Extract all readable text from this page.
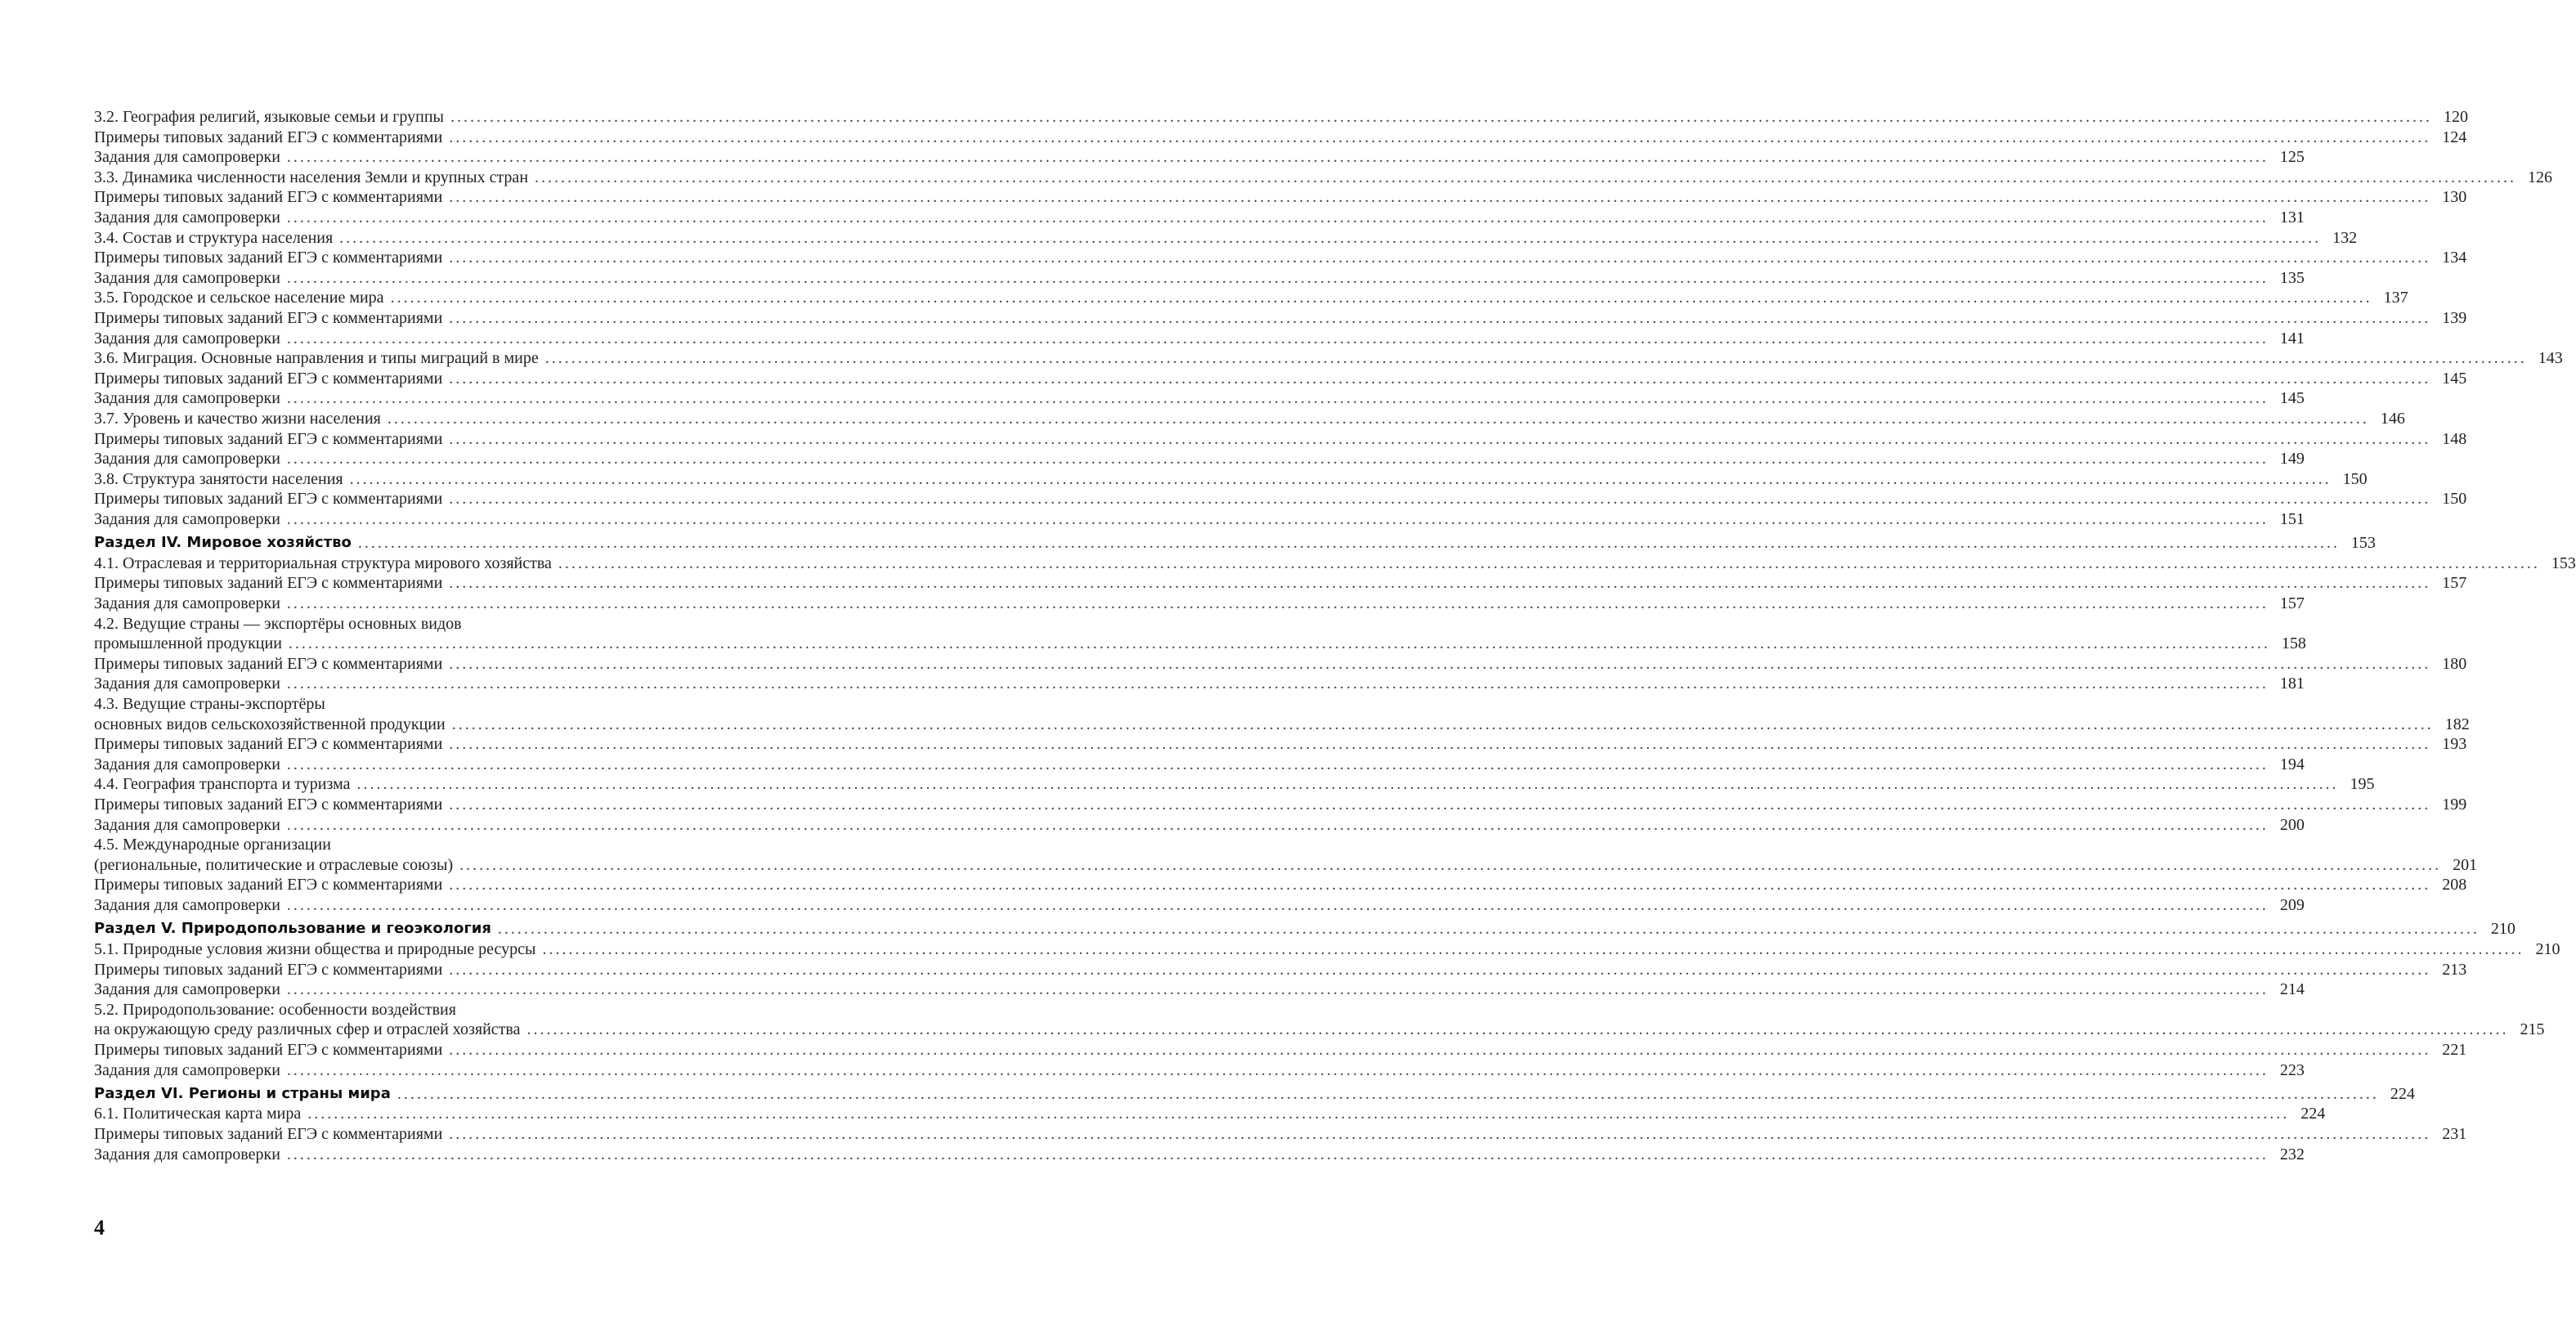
3.2. География религий, языковые семьи и группы .....	120
Примеры типовых заданий ЕГЭ с комментариями .....	124
Задания для самопроверки .....	125
3.3. Динамика численности населения Земли и крупных стран .....	126
Примеры типовых заданий ЕГЭ с комментариями .....	130
Задания для самопроверки .....	131
3.4. Состав и структура населения .....	132
Примеры типовых заданий ЕГЭ с комментариями .....	134
Задания для самопроверки .....	135
3.5. Городское и сельское население мира .....	137
Примеры типовых заданий ЕГЭ с комментариями .....	139
Задания для самопроверки .....	141
3.6. Миграция. Основные направления и типы миграций в мире .....	143
Примеры типовых заданий ЕГЭ с комментариями .....	145
Задания для самопроверки .....	145
3.7. Уровень и качество жизни населения .....	146
Примеры типовых заданий ЕГЭ с комментариями .....	148
Задания для самопроверки .....	149
3.8. Структура занятости населения .....	150
Примеры типовых заданий ЕГЭ с комментариями .....	150
Задания для самопроверки .....	151
Раздел IV. Мировое хозяйство .....	153
4.1. Отраслевая и территориальная структура мирового хозяйства .....	153
Примеры типовых заданий ЕГЭ с комментариями .....	157
Задания для самопроверки .....	157
4.2. Ведущие страны — экспортёры основных видов
промышленной продукции .....	158
Примеры типовых заданий ЕГЭ с комментариями .....	180
Задания для самопроверки .....	181
4.3. Ведущие страны-экспортёры
основных видов сельскохозяйственной продукции .....	182
Примеры типовых заданий ЕГЭ с комментариями .....	193
Задания для самопроверки .....	194
4.4. География транспорта и туризма .....	195
Примеры типовых заданий ЕГЭ с комментариями .....	199
Задания для самопроверки .....	200
4.5. Международные организации
(региональные, политические и отраслевые союзы) .....	201
Примеры типовых заданий ЕГЭ с комментариями .....	208
Задания для самопроверки .....	209
Раздел V. Природопользование и геоэкология .....	210
5.1. Природные условия жизни общества и природные ресурсы .....	210
Примеры типовых заданий ЕГЭ с комментариями .....	213
Задания для самопроверки .....	214
5.2. Природопользование: особенности воздействия
на окружающую среду различных сфер и отраслей хозяйства .....	215
Примеры типовых заданий ЕГЭ с комментариями .....	221
Задания для самопроверки .....	223
Раздел VI. Регионы и страны мира .....	224
6.1. Политическая карта мира .....	224
Примеры типовых заданий ЕГЭ с комментариями .....	231
Задания для самопроверки .....	232
4
